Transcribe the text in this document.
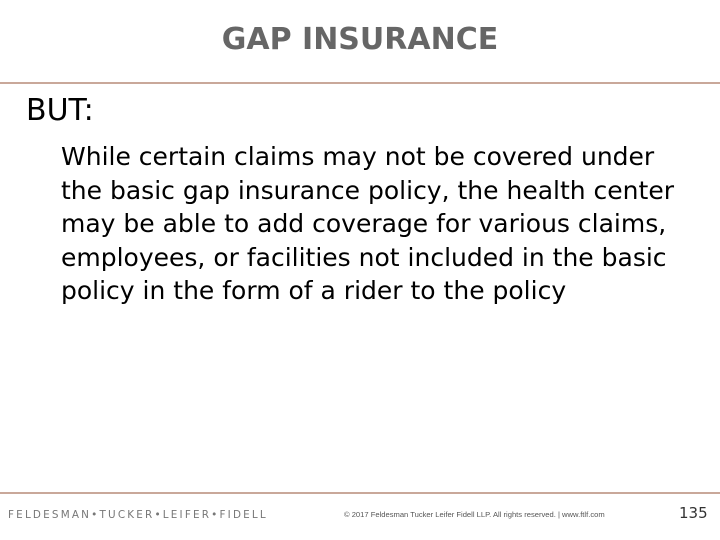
GAP INSURANCE
BUT:
While certain claims may not be covered under the basic gap insurance policy, the health center may be able to add coverage for various claims, employees, or facilities not included in the basic policy in the form of a rider to the policy
FELDESMAN•TUCKER•LEIFER•FIDELL	© 2017 Feldesman Tucker Leifer Fidell LLP. All rights reserved. | www.ftlf.com	135
